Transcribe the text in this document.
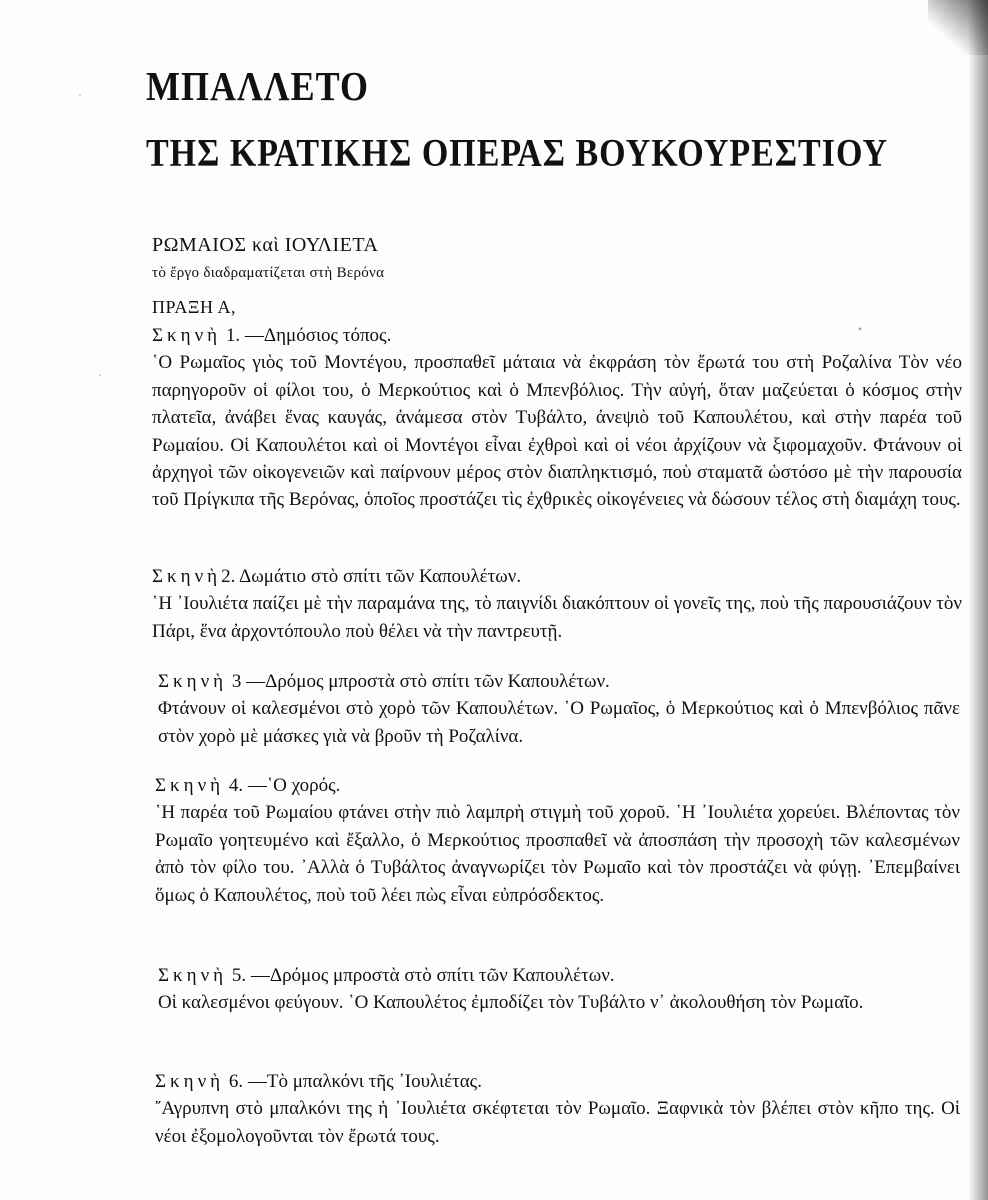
ΜΠΑΛΛΕΤΟ
ΤΗΣ ΚΡΑΤΙΚΗΣ ΟΠΕΡΑΣ ΒΟΥΚΟΥΡΕΣΤΙΟΥ

ΡΩΜΑΙΟΣ καὶ ΙΟΥΛΙΕΤΑ

τὸ ἔργο διαδραματίζεται στὴ Βερόνα

ΠΡΑΞΗ Α,

Σκηνὴ 1. —Δημόσιος τόπος.
῾Ο Ρωμαῖος γιὸς τοῦ Μοντέγου, προσπαθεῖ μάταια νὰ ἐκφράση τὸν ἔρωτά του στὴ Ροζαλίνα Τὸν νέο παρηγοροῦν οἱ φίλοι του, ὁ Μερκούτιος καὶ ὁ Μπενβόλιος. Τὴν αὐγή, ὅταν μαζεύεται ὁ κόσμος στὴν πλατεῖα, ἀνάβει ἕνας καυγάς, ἀνάμεσα στὸν Τυβάλτο, ἀνεψιὸ τοῦ Καπουλέτου, καὶ στὴν παρέα τοῦ Ρωμαίου. Οἱ Καπουλέτοι καὶ οἱ Μοντέγοι εἶναι ἐχθροὶ καὶ οἱ νέοι ἀρχίζουν νὰ ξιφομαχοῦν. Φτάνουν οἱ ἀρχηγοὶ τῶν οἰκογενειῶν καὶ παίρνουν μέρος στὸν διαπληκτισμό, ποὺ σταματᾶ ὡστόσο μὲ τὴν παρουσία τοῦ Πρίγκιπα τῆς Βερόνας, ὁποῖος προστάζει τὶς ἐχθρικὲς οἰκογένειες νὰ δώσουν τέλος στὴ διαμάχη τους.
Σκηνὴ2. Δωμάτιο στὸ σπίτι τῶν Καπουλέτων.
῾Η ᾿Ιουλιέτα παίζει μὲ τὴν παραμάνα της, τὸ παιγνίδι διακόπτουν οἱ γονεῖς της, ποὺ τῆς παρουσιάζουν τὸν Πάρι, ἕνα ἀρχοντόπουλο ποὺ θέλει νὰ τὴν παντρευτῇ.
Σκηνὴ 3 —Δρόμος μπροστὰ στὸ σπίτι τῶν Καπουλέτων.
Φτάνουν οἱ καλεσμένοι στὸ χορὸ τῶν Καπουλέτων. ῾Ο Ρωμαῖος, ὁ Μερκούτιος καὶ ὁ Μπενβόλιος πᾶνε στὸν χορὸ μὲ μάσκες γιὰ νὰ βροῦν τὴ Ροζαλίνα.
Σκηνὴ 4. —῾Ο χορός.
῾Η παρέα τοῦ Ρωμαίου φτάνει στὴν πιὸ λαμπρὴ στιγμὴ τοῦ χοροῦ. ῾Η ᾿Ιουλιέτα χορεύει. Βλέποντας τὸν Ρωμαῖο γοητευμένο καὶ ἔξαλλο, ὁ Μερκούτιος προσπαθεῖ νὰ ἀποσπάση τὴν προσοχὴ τῶν καλεσμένων ἀπὸ τὸν φίλο του. ᾿Αλλὰ ὁ Τυβάλτος ἀναγνωρίζει τὸν Ρωμαῖο καὶ τὸν προστάζει νὰ φύγῃ. ᾿Επεμβαίνει ὅμως ὁ Καπουλέτος, ποὺ τοῦ λέει πὼς εἶναι εὐπρόσδεκτος.
Σκηνὴ 5. —Δρόμος μπροστὰ στὸ σπίτι τῶν Καπουλέτων.
Οἱ καλεσμένοι φεύγουν. ῾Ο Καπουλέτος ἐμποδίζει τὸν Τυβάλτο ν᾿ ἀκολουθήση τὸν Ρωμαῖο.
Σκηνὴ 6. —Τὸ μπαλκόνι τῆς ᾿Ιουλιέτας.
῎Αγρυπνη στὸ μπαλκόνι της ἡ ᾿Ιουλιέτα σκέφτεται τὸν Ρωμαῖο. Ξαφνικὰ τὸν βλέπει στὸν κῆπο της. Οἱ νέοι ἐξομολογοῦνται τὸν ἔρωτά τους.
•
·
·
